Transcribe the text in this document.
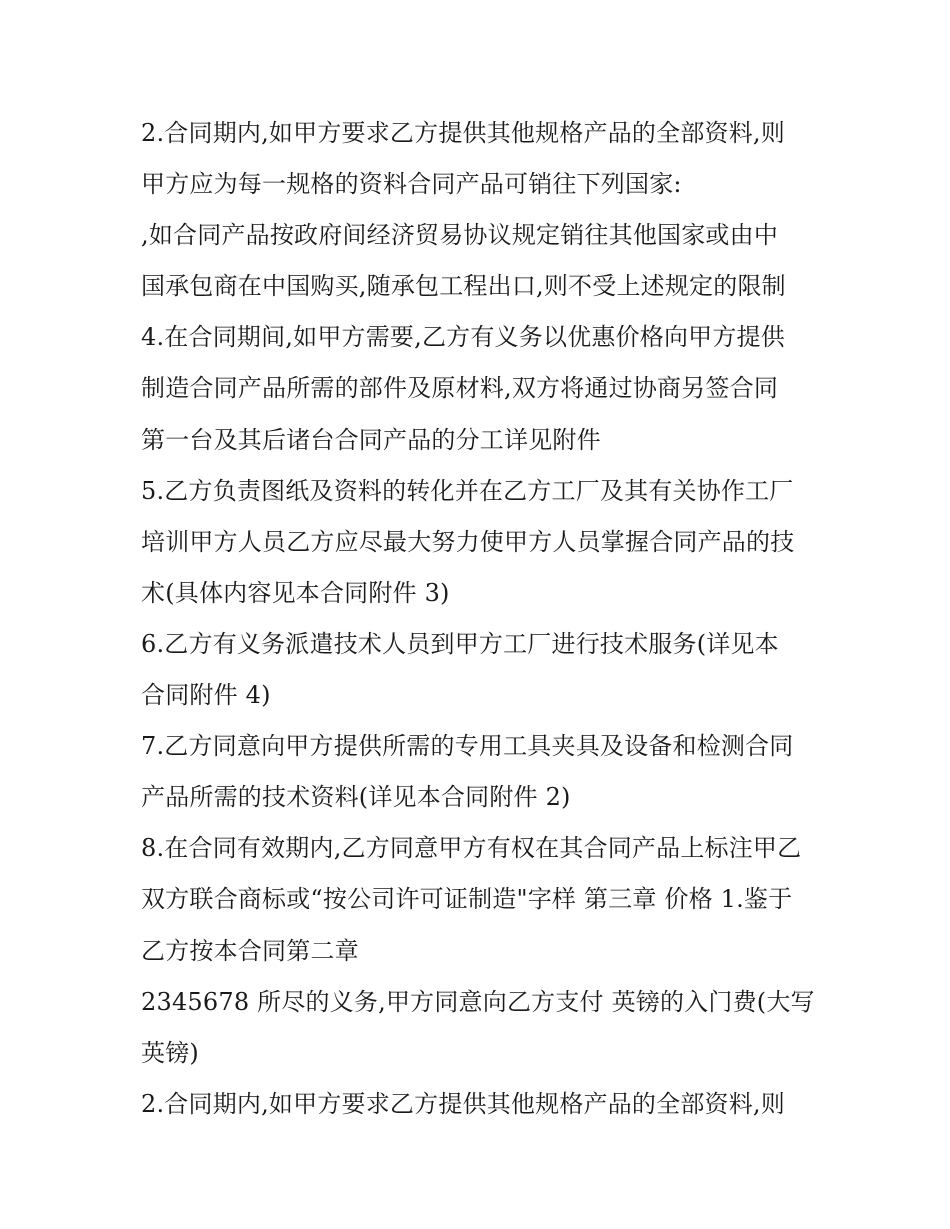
2.合同期内,如甲方要求乙方提供其他规格产品的全部资料,则
甲方应为每一规格的资料合同产品可销往下列国家:
,如合同产品按政府间经济贸易协议规定销往其他国家或由中
国承包商在中国购买,随承包工程出口,则不受上述规定的限制
4.在合同期间,如甲方需要,乙方有义务以优惠价格向甲方提供
制造合同产品所需的部件及原材料,双方将通过协商另签合同
第一台及其后诸台合同产品的分工详见附件
5.乙方负责图纸及资料的转化并在乙方工厂及其有关协作工厂
培训甲方人员乙方应尽最大努力使甲方人员掌握合同产品的技
术(具体内容见本合同附件 3)
6.乙方有义务派遣技术人员到甲方工厂进行技术服务(详见本
合同附件 4)
7.乙方同意向甲方提供所需的专用工具夹具及设备和检测合同
产品所需的技术资料(详见本合同附件 2)
8.在合同有效期内,乙方同意甲方有权在其合同产品上标注甲乙
双方联合商标或“按公司许可证制造"字样 第三章 价格 1.鉴于
乙方按本合同第二章
2345678 所尽的义务,甲方同意向乙方支付 英镑的入门费(大写
英镑)
2.合同期内,如甲方要求乙方提供其他规格产品的全部资料,则
